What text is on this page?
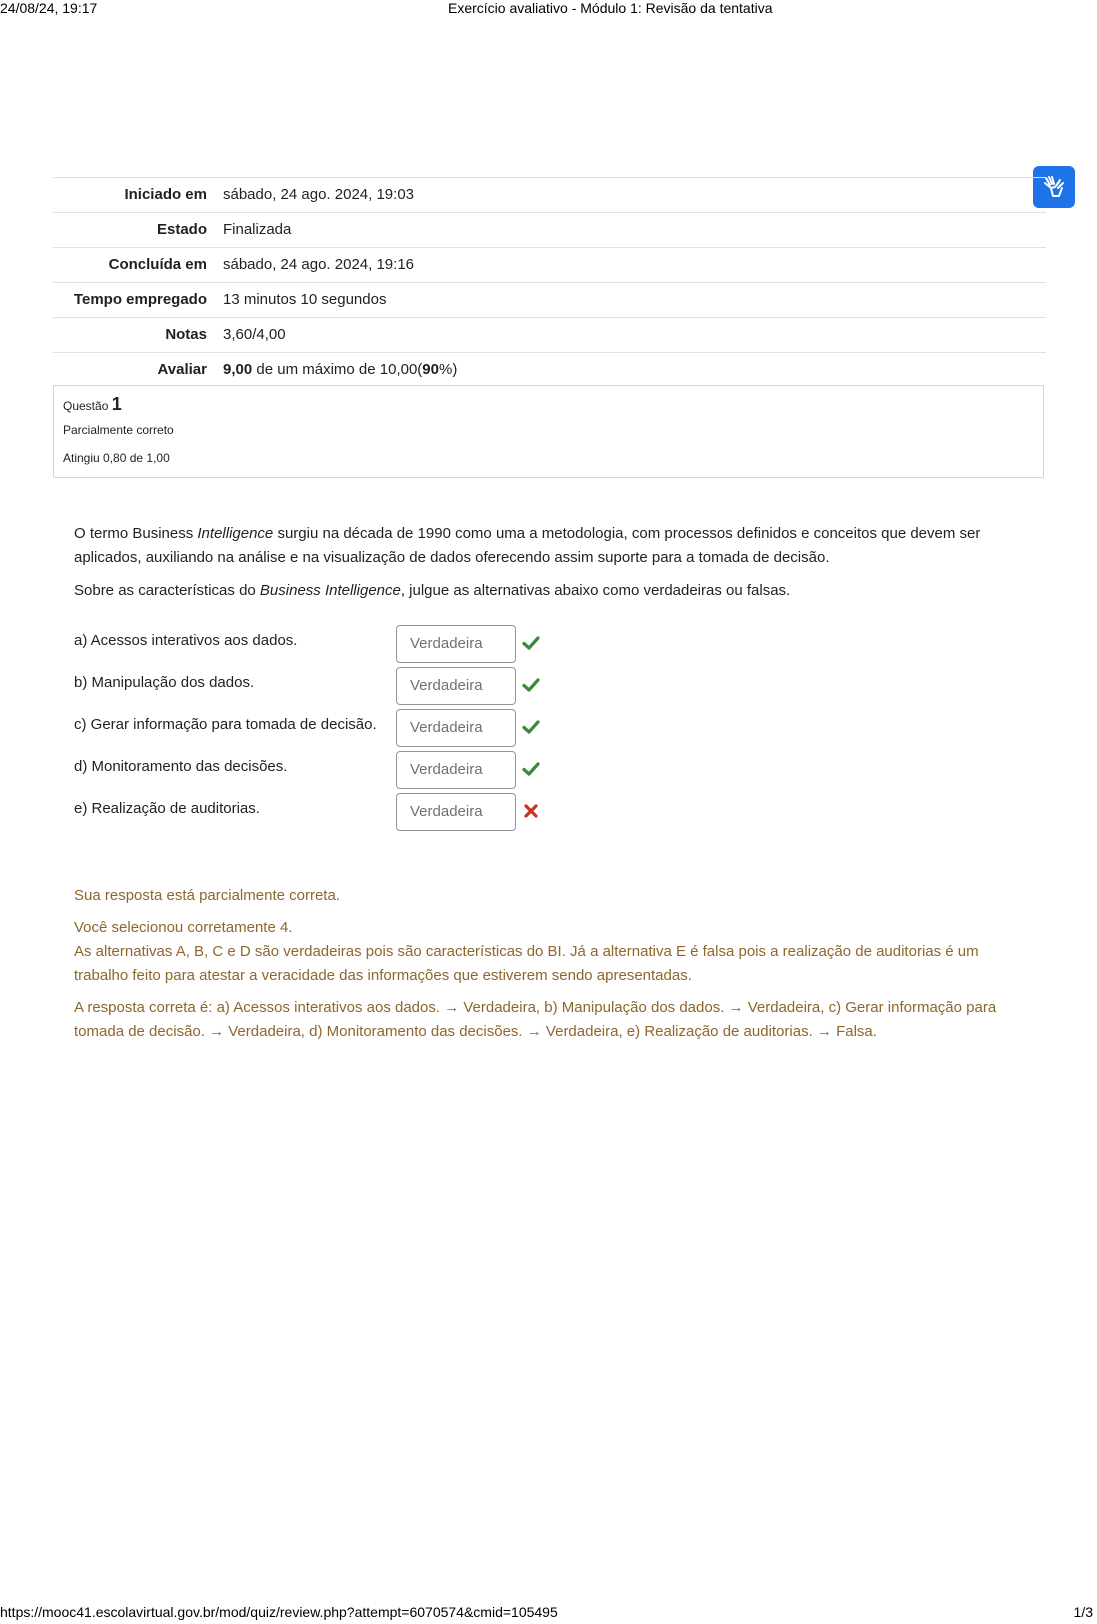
24/08/24, 19:17	Exercício avaliativo - Módulo 1: Revisão da tentativa
Iniciado em	sábado, 24 ago. 2024, 19:03
Estado	Finalizada
Concluída em	sábado, 24 ago. 2024, 19:16
Tempo empregado	13 minutos 10 segundos
Notas	3,60/4,00
Avaliar	9,00 de um máximo de 10,00(90%)
Questão 1
Parcialmente correto
Atingiu 0,80 de 1,00

O termo Business Intelligence surgiu na década de 1990 como uma a metodologia, com processos definidos e conceitos que devem ser aplicados, auxiliando na análise e na visualização de dados oferecendo assim suporte para a tomada de decisão.

Sobre as características do Business Intelligence, julgue as alternativas abaixo como verdadeiras ou falsas.

a) Acessos interativos aos dados.	Verdadeira
b) Manipulação dos dados.	Verdadeira
c) Gerar informação para tomada de decisão.	Verdadeira
d) Monitoramento das decisões.	Verdadeira
e) Realização de auditorias.	Verdadeira

Sua resposta está parcialmente correta.

Você selecionou corretamente 4.

As alternativas A, B, C e D são verdadeiras pois são características do BI. Já a alternativa E é falsa pois a realização de auditorias é um trabalho feito para atestar a veracidade das informações que estiverem sendo apresentadas.

A resposta correta é: a) Acessos interativos aos dados. → Verdadeira, b) Manipulação dos dados. → Verdadeira, c) Gerar informação para tomada de decisão. → Verdadeira, d) Monitoramento das decisões. → Verdadeira, e) Realização de auditorias. → Falsa.

https://mooc41.escolavirtual.gov.br/mod/quiz/review.php?attempt=6070574&cmid=105495	1/3
